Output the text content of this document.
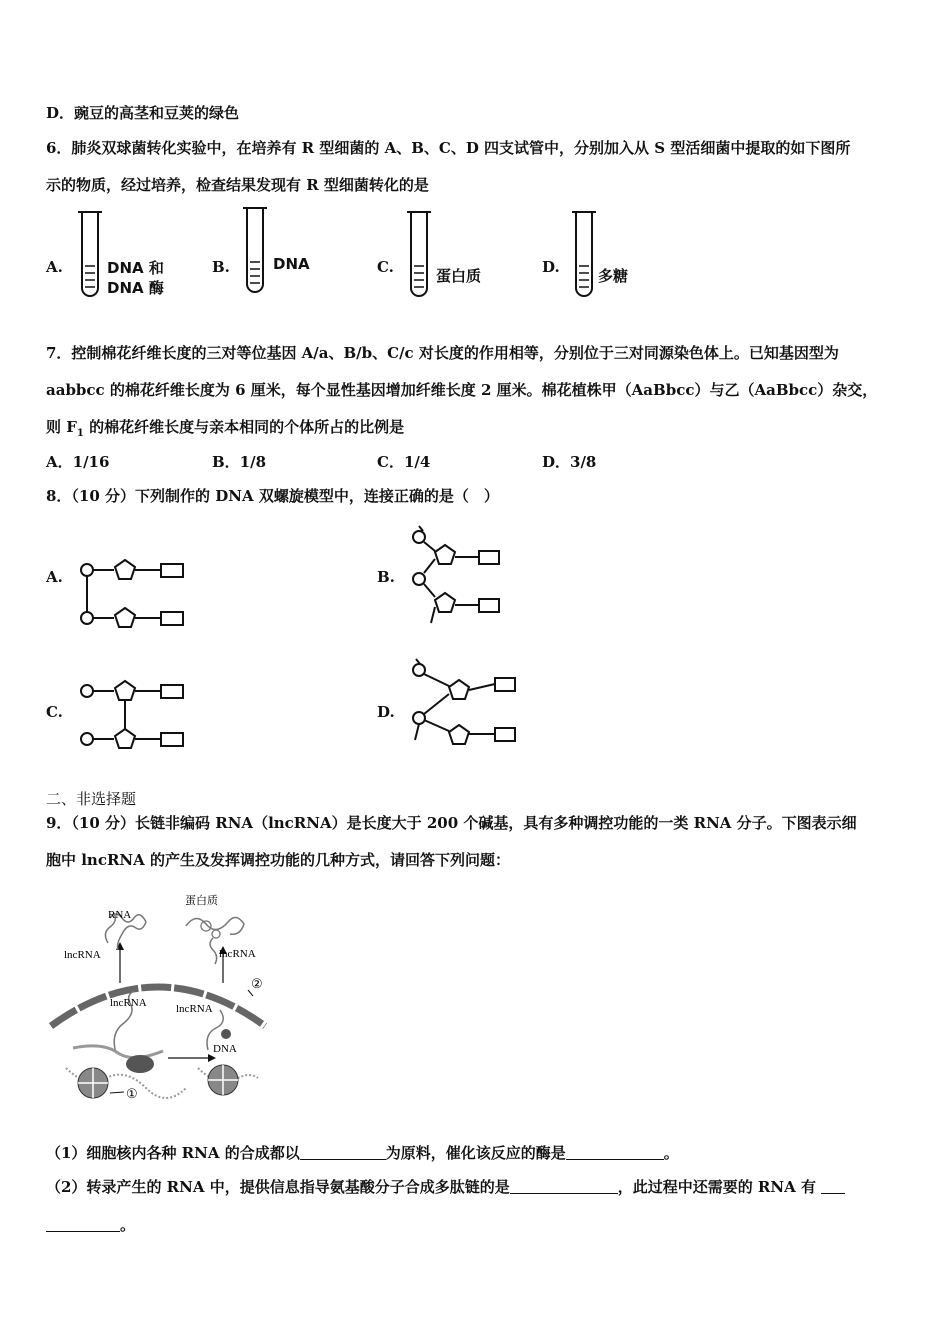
D．豌豆的高茎和豆荚的绿色
6．肺炎双球菌转化实验中，在培养有 R 型细菌的 A、B、C、D 四支试管中，分别加入从 S 型活细菌中提取的如下图所
示的物质，经过培养，检查结果发现有 R 型细菌转化的是
A.	DNA 和
DNA 酶
B.	DNA	C.	蛋白质	D.	多糖
7．控制棉花纤维长度的三对等位基因 A/a、B/b、C/c 对长度的作用相等，分别位于三对同源染色体上。已知基因型为
aabbcc 的棉花纤维长度为 6 厘米，每个显性基因增加纤维长度 2 厘米。棉花植株甲（AaBbcc）与乙（AaBbcc）杂交，
则 $F_1$ 的棉花纤维长度与亲本相同的个体所占的比例是
A．1/16	B．1/8	C．1/4	D．3/8
8．（10 分）下列制作的 DNA 双螺旋模型中，连接正确的是（　）
A.	B.
C.	D.
二、非选择题
9．（10 分）长链非编码 RNA（lncRNA）是长度大于 200 个碱基，具有多种调控功能的一类 RNA 分子。下图表示细
胞中 lncRNA 的产生及发挥调控功能的几种方式，请回答下列问题：
RNA
蛋白质
lncRNA	lncRNA
lncRNA	lncRNA
DNA
①
②
（1）细胞核内各种 RNA 的合成都以	为原料，催化该反应的酶是	。
（2）转录产生的 RNA 中，提供信息指导氨基酸分子合成多肽链的是	，此过程中还需要的 RNA 有
。
